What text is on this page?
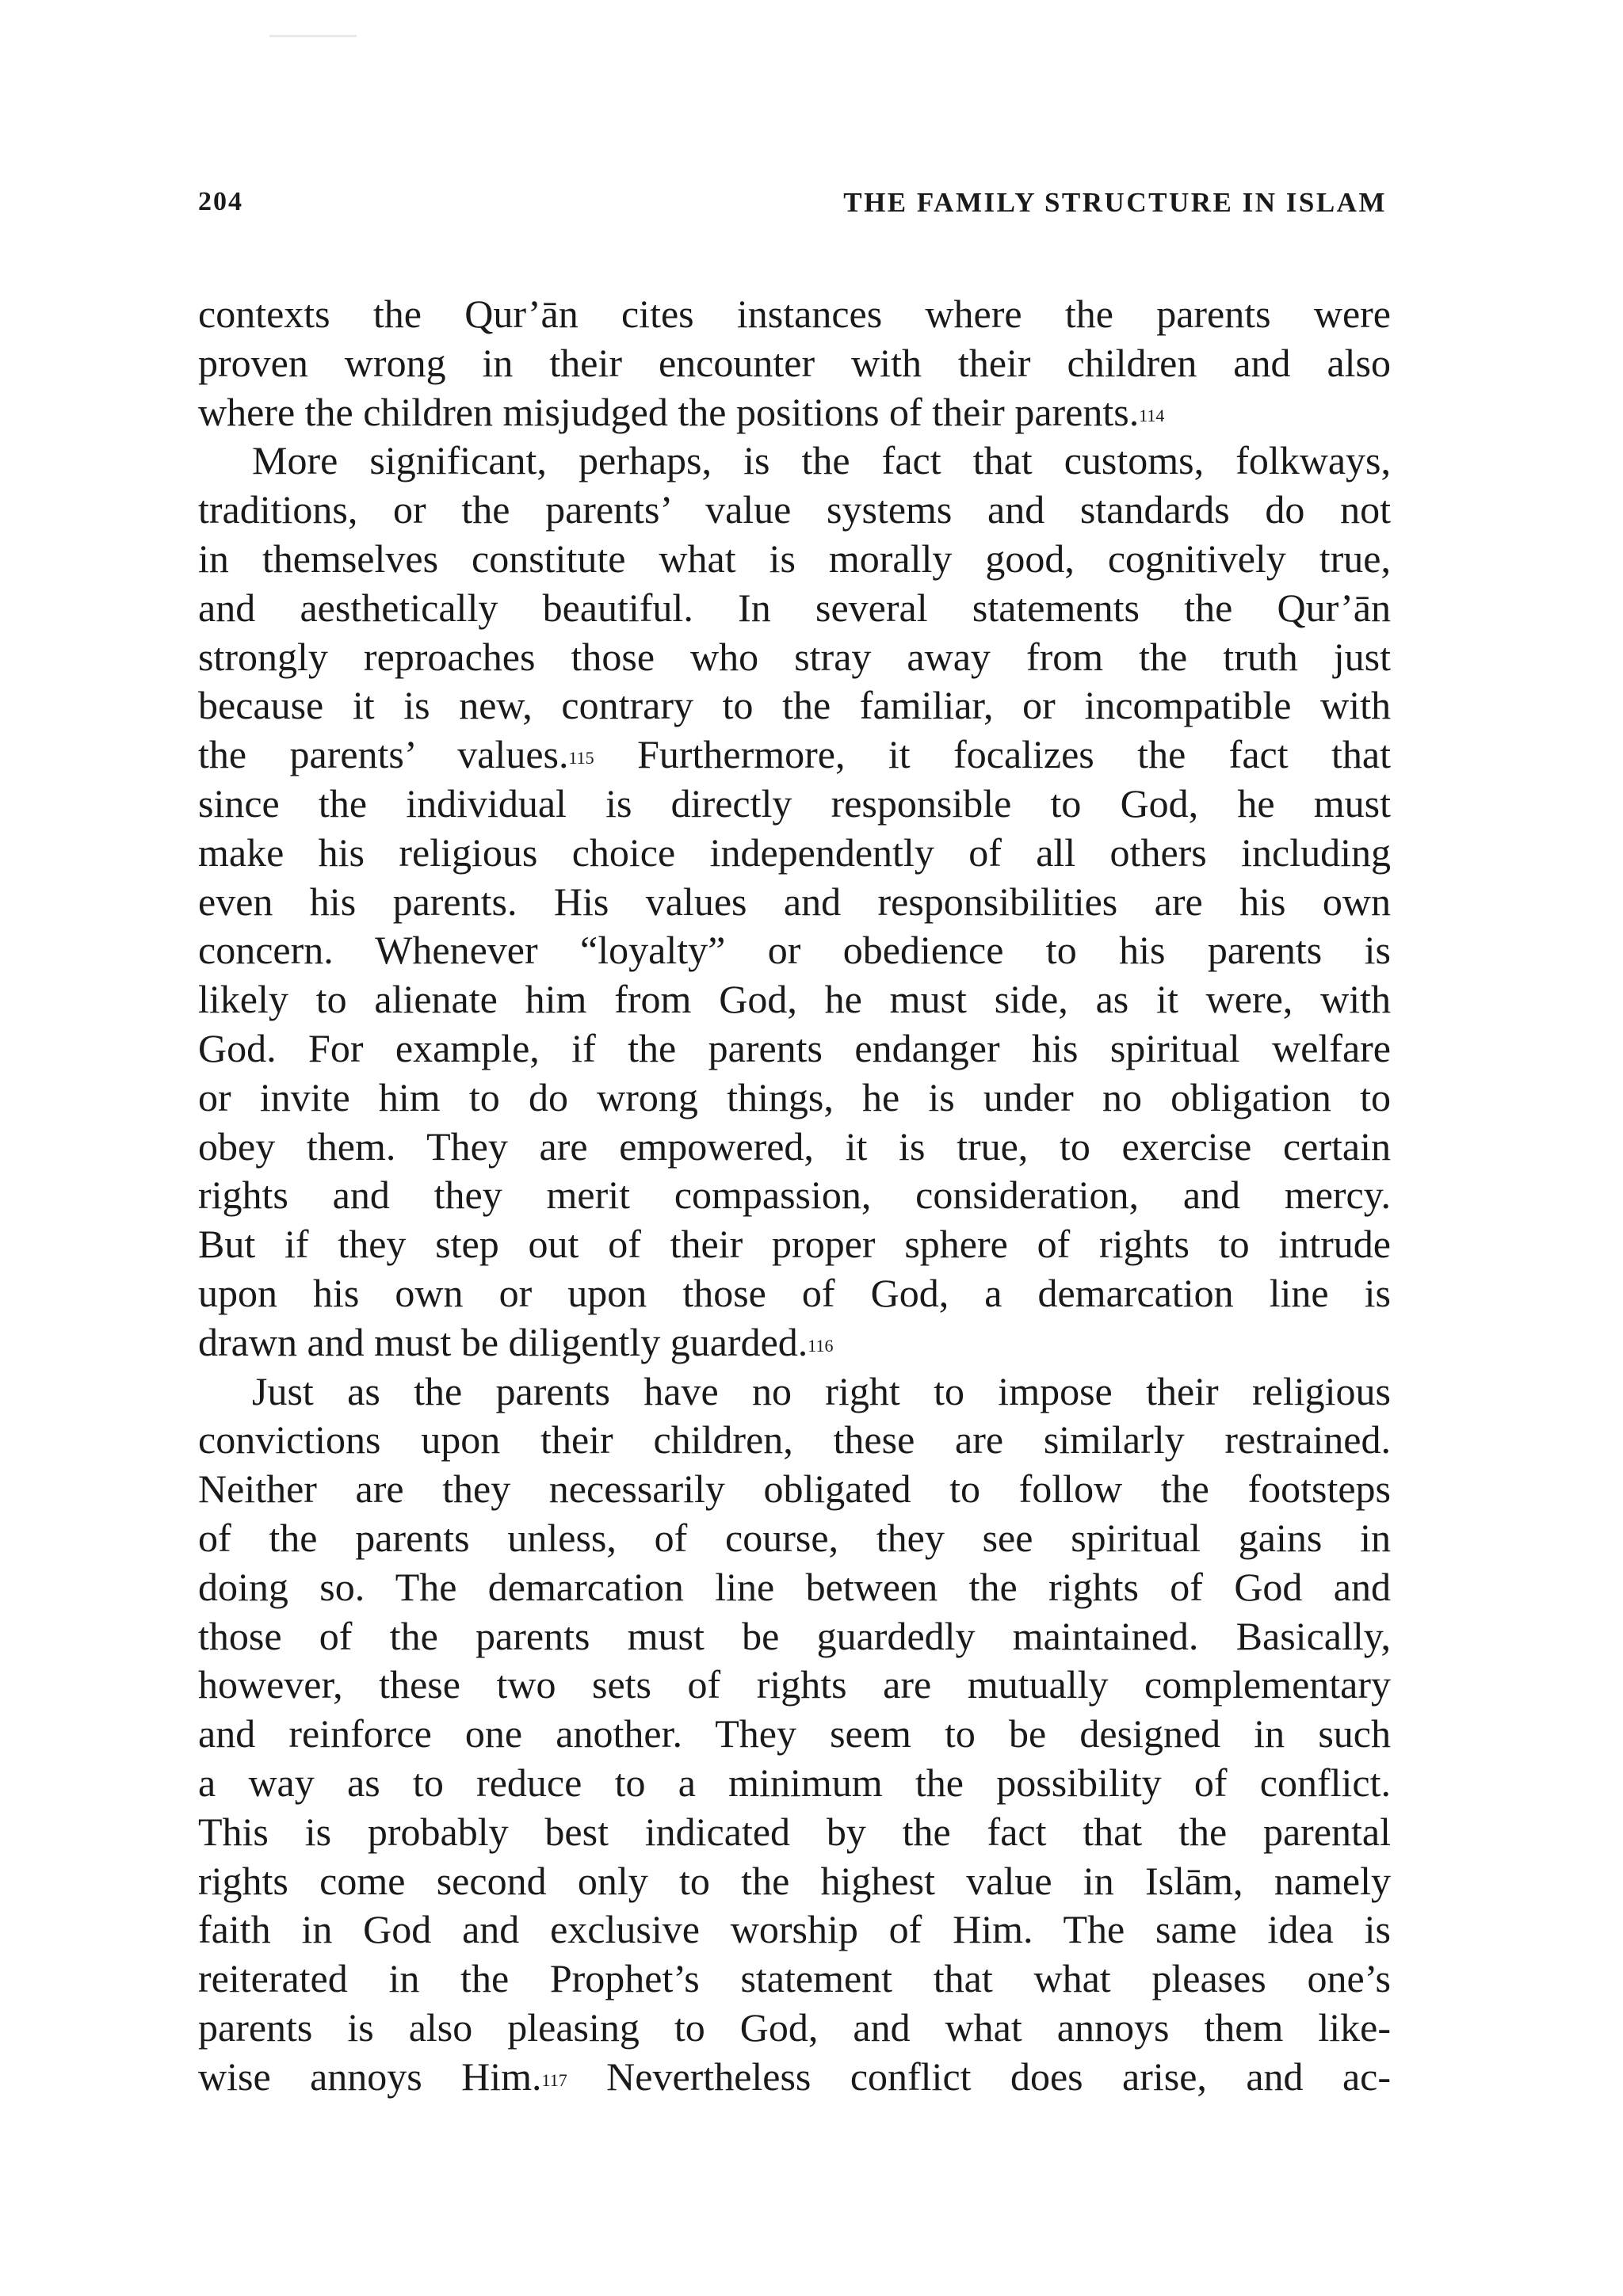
204	THE FAMILY STRUCTURE IN ISLAM
contexts the Qur’ān cites instances where the parents were
proven wrong in their encounter with their children and also
where the children misjudged the positions of their parents.$^{114}$
More significant, perhaps, is the fact that customs, folkways,
traditions, or the parents’ value systems and standards do not
in themselves constitute what is morally good, cognitively true,
and aesthetically beautiful. In several statements the Qur’ān
strongly reproaches those who stray away from the truth just
because it is new, contrary to the familiar, or incompatible with
the parents’ values.$^{115}$ Furthermore, it focalizes the fact that
since the individual is directly responsible to God, he must
make his religious choice independently of all others including
even his parents. His values and responsibilities are his own
concern. Whenever “loyalty” or obedience to his parents is
likely to alienate him from God, he must side, as it were, with
God. For example, if the parents endanger his spiritual welfare
or invite him to do wrong things, he is under no obligation to
obey them. They are empowered, it is true, to exercise certain
rights and they merit compassion, consideration, and mercy.
But if they step out of their proper sphere of rights to intrude
upon his own or upon those of God, a demarcation line is
drawn and must be diligently guarded.$^{116}$
Just as the parents have no right to impose their religious
convictions upon their children, these are similarly restrained.
Neither are they necessarily obligated to follow the footsteps
of the parents unless, of course, they see spiritual gains in
doing so. The demarcation line between the rights of God and
those of the parents must be guardedly maintained. Basically,
however, these two sets of rights are mutually complementary
and reinforce one another. They seem to be designed in such
a way as to reduce to a minimum the possibility of conflict.
This is probably best indicated by the fact that the parental
rights come second only to the highest value in Islām, namely
faith in God and exclusive worship of Him. The same idea is
reiterated in the Prophet’s statement that what pleases one’s
parents is also pleasing to God, and what annoys them like-
wise annoys Him.$^{117}$ Nevertheless conflict does arise, and ac-
